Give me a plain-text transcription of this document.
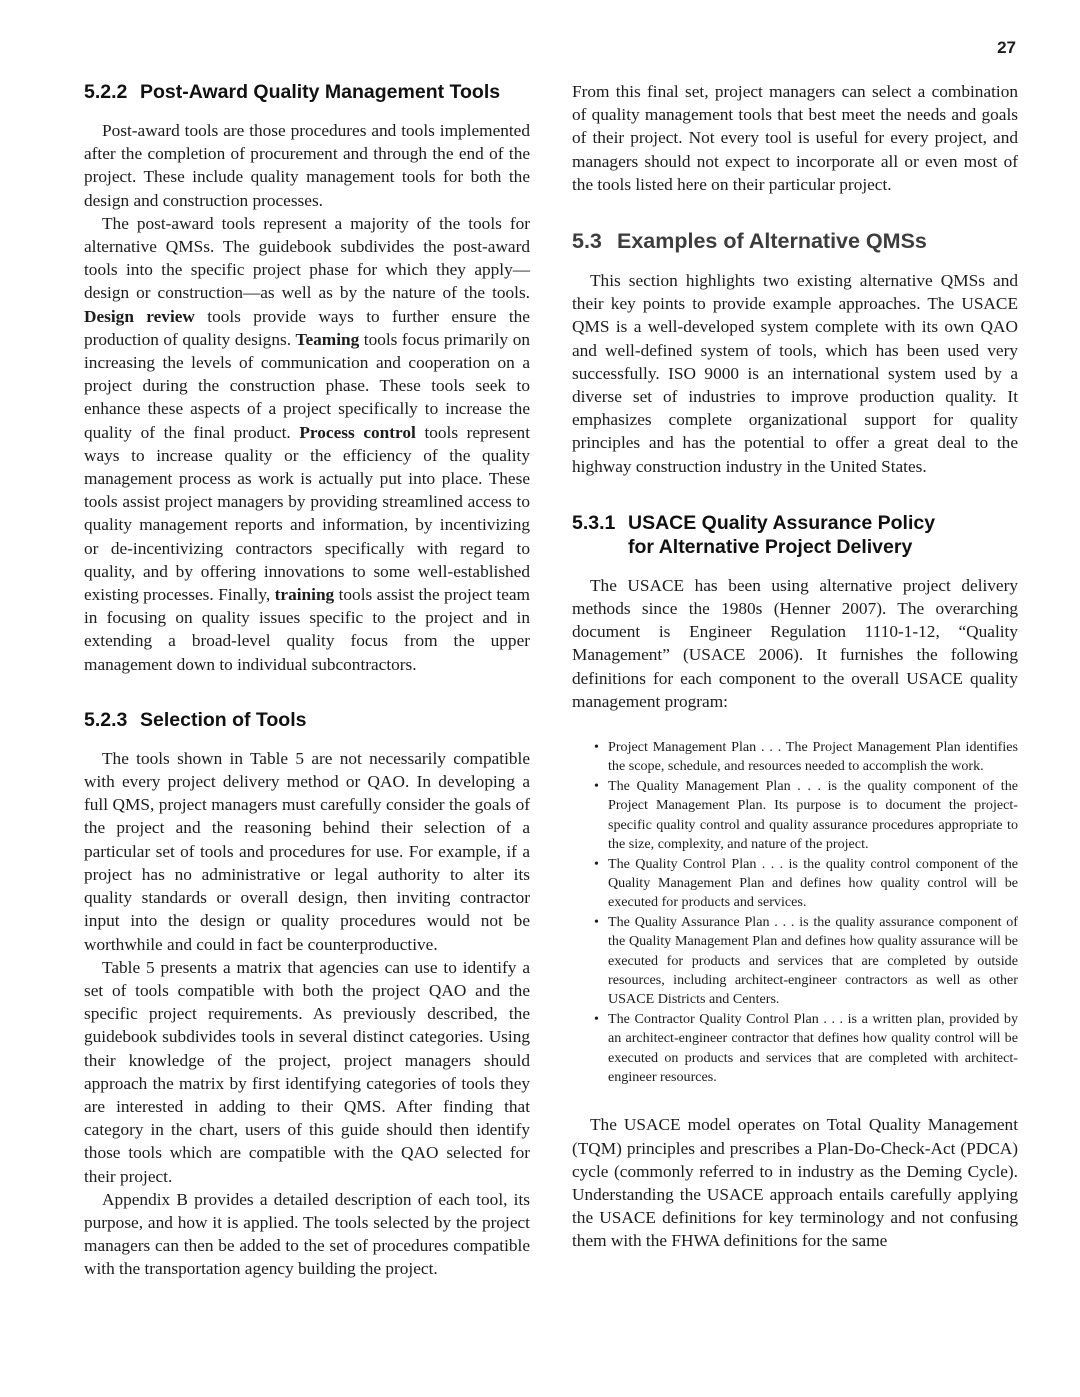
27
5.2.2 Post-Award Quality Management Tools

Post-award tools are those procedures and tools implemented after the completion of procurement and through the end of the project. These include quality management tools for both the design and construction processes.

The post-award tools represent a majority of the tools for alternative QMSs. The guidebook subdivides the post-award tools into the specific project phase for which they apply—design or construction—as well as by the nature of the tools. Design review tools provide ways to further ensure the production of quality designs. Teaming tools focus primarily on increasing the levels of communication and cooperation on a project during the construction phase. These tools seek to enhance these aspects of a project specifically to increase the quality of the final product. Process control tools represent ways to increase quality or the efficiency of the quality management process as work is actually put into place. These tools assist project managers by providing streamlined access to quality management reports and information, by incentivizing or de-incentivizing contractors specifically with regard to quality, and by offering innovations to some well-established existing processes. Finally, training tools assist the project team in focusing on quality issues specific to the project and in extending a broad-level quality focus from the upper management down to individual subcontractors.

5.2.3 Selection of Tools

The tools shown in Table 5 are not necessarily compatible with every project delivery method or QAO. In developing a full QMS, project managers must carefully consider the goals of the project and the reasoning behind their selection of a particular set of tools and procedures for use. For example, if a project has no administrative or legal authority to alter its quality standards or overall design, then inviting contractor input into the design or quality procedures would not be worthwhile and could in fact be counterproductive.

Table 5 presents a matrix that agencies can use to identify a set of tools compatible with both the project QAO and the specific project requirements. As previously described, the guidebook subdivides tools in several distinct categories. Using their knowledge of the project, project managers should approach the matrix by first identifying categories of tools they are interested in adding to their QMS. After finding that category in the chart, users of this guide should then identify those tools which are compatible with the QAO selected for their project.

Appendix B provides a detailed description of each tool, its purpose, and how it is applied. The tools selected by the project managers can then be added to the set of procedures compatible with the transportation agency building the project.

From this final set, project managers can select a combination of quality management tools that best meet the needs and goals of their project. Not every tool is useful for every project, and managers should not expect to incorporate all or even most of the tools listed here on their particular project.

5.3 Examples of Alternative QMSs

This section highlights two existing alternative QMSs and their key points to provide example approaches. The USACE QMS is a well-developed system complete with its own QAO and well-defined system of tools, which has been used very successfully. ISO 9000 is an international system used by a diverse set of industries to improve production quality. It emphasizes complete organizational support for quality principles and has the potential to offer a great deal to the highway construction industry in the United States.

5.3.1 USACE Quality Assurance Policy
for Alternative Project Delivery

The USACE has been using alternative project delivery methods since the 1980s (Henner 2007). The overarching document is Engineer Regulation 1110-1-12, “Quality Management” (USACE 2006). It furnishes the following definitions for each component to the overall USACE quality management program:

• Project Management Plan . . . The Project Management Plan identifies the scope, schedule, and resources needed to accomplish the work.
• The Quality Management Plan . . . is the quality component of the Project Management Plan. Its purpose is to document the project-specific quality control and quality assurance procedures appropriate to the size, complexity, and nature of the project.
• The Quality Control Plan . . . is the quality control component of the Quality Management Plan and defines how quality control will be executed for products and services.
• The Quality Assurance Plan . . . is the quality assurance component of the Quality Management Plan and defines how quality assurance will be executed for products and services that are completed by outside resources, including architect-engineer contractors as well as other USACE Districts and Centers.
• The Contractor Quality Control Plan . . . is a written plan, provided by an architect-engineer contractor that defines how quality control will be executed on products and services that are completed with architect-engineer resources.

The USACE model operates on Total Quality Management (TQM) principles and prescribes a Plan-Do-Check-Act (PDCA) cycle (commonly referred to in industry as the Deming Cycle). Understanding the USACE approach entails carefully applying the USACE definitions for key terminology and not confusing them with the FHWA definitions for the same
